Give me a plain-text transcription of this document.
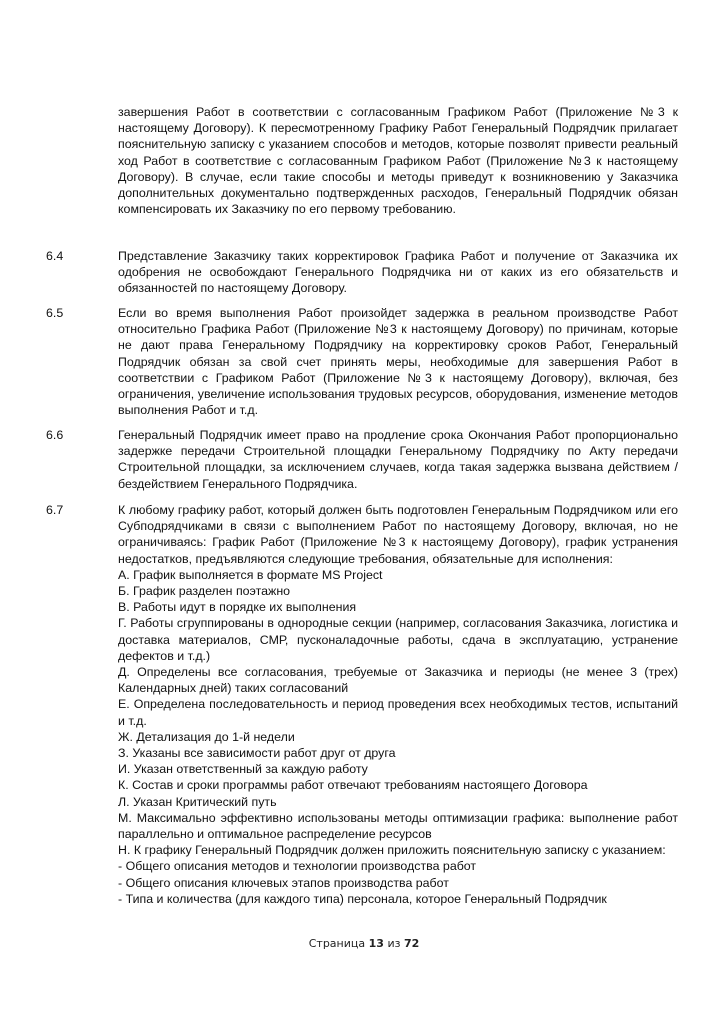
завершения Работ в соответствии с согласованным Графиком Работ (Приложение №3 к настоящему Договору). К пересмотренному Графику Работ Генеральный Подрядчик прилагает пояснительную записку с указанием способов и методов, которые позволят привести реальный ход Работ в соответствие с согласованным Графиком Работ (Приложение №3 к настоящему Договору). В случае, если такие способы и методы приведут к возникновению у Заказчика дополнительных документально подтвержденных расходов, Генеральный Подрядчик обязан компенсировать их Заказчику по его первому требованию.
6.4	Представление Заказчику таких корректировок Графика Работ и получение от Заказчика их одобрения не освобождают Генерального Подрядчика ни от каких из его обязательств и обязанностей по настоящему Договору.
6.5	Если во время выполнения Работ произойдет задержка в реальном производстве Работ относительно Графика Работ (Приложение №3 к настоящему Договору) по причинам, которые не дают права Генеральному Подрядчику на корректировку сроков Работ, Генеральный Подрядчик обязан за свой счет принять меры, необходимые для завершения Работ в соответствии с Графиком Работ (Приложение №3 к настоящему Договору), включая, без ограничения, увеличение использования трудовых ресурсов, оборудования, изменение методов выполнения Работ и т.д.
6.6	Генеральный Подрядчик имеет право на продление срока Окончания Работ пропорционально задержке передачи Строительной площадки Генеральному Подрядчику по Акту передачи Строительной площадки, за исключением случаев, когда такая задержка вызвана действием / бездействием Генерального Подрядчика.
6.7	К любому графику работ, который должен быть подготовлен Генеральным Подрядчиком или его Субподрядчиками в связи с выполнением Работ по настоящему Договору, включая, но не ограничиваясь: График Работ (Приложение №3 к настоящему Договору), график устранения недостатков, предъявляются следующие требования, обязательные для исполнения:

А. График выполняется в формате MS Project

Б. График разделен поэтажно

В. Работы идут в порядке их выполнения

Г. Работы сгруппированы в однородные секции (например, согласования Заказчика, логистика и доставка материалов, СМР, пусконаладочные работы, сдача в эксплуатацию, устранение дефектов и т.д.)

Д. Определены все согласования, требуемые от Заказчика и периоды (не менее 3 (трех) Календарных дней) таких согласований

Е. Определена последовательность и период проведения всех необходимых тестов, испытаний и т.д.

Ж. Детализация до 1-й недели

З. Указаны все зависимости работ друг от друга

И. Указан ответственный за каждую работу

К. Состав и сроки программы работ отвечают требованиям настоящего Договора

Л. Указан Критический путь

М. Максимально эффективно использованы методы оптимизации графика: выполнение работ параллельно и оптимальное распределение ресурсов

Н. К графику Генеральный Подрядчик должен приложить пояснительную записку с указанием:

- Общего описания методов и технологии производства работ

- Общего описания ключевых этапов производства работ

- Типа и количества (для каждого типа) персонала, которое Генеральный Подрядчик

Страница 13 из 72
